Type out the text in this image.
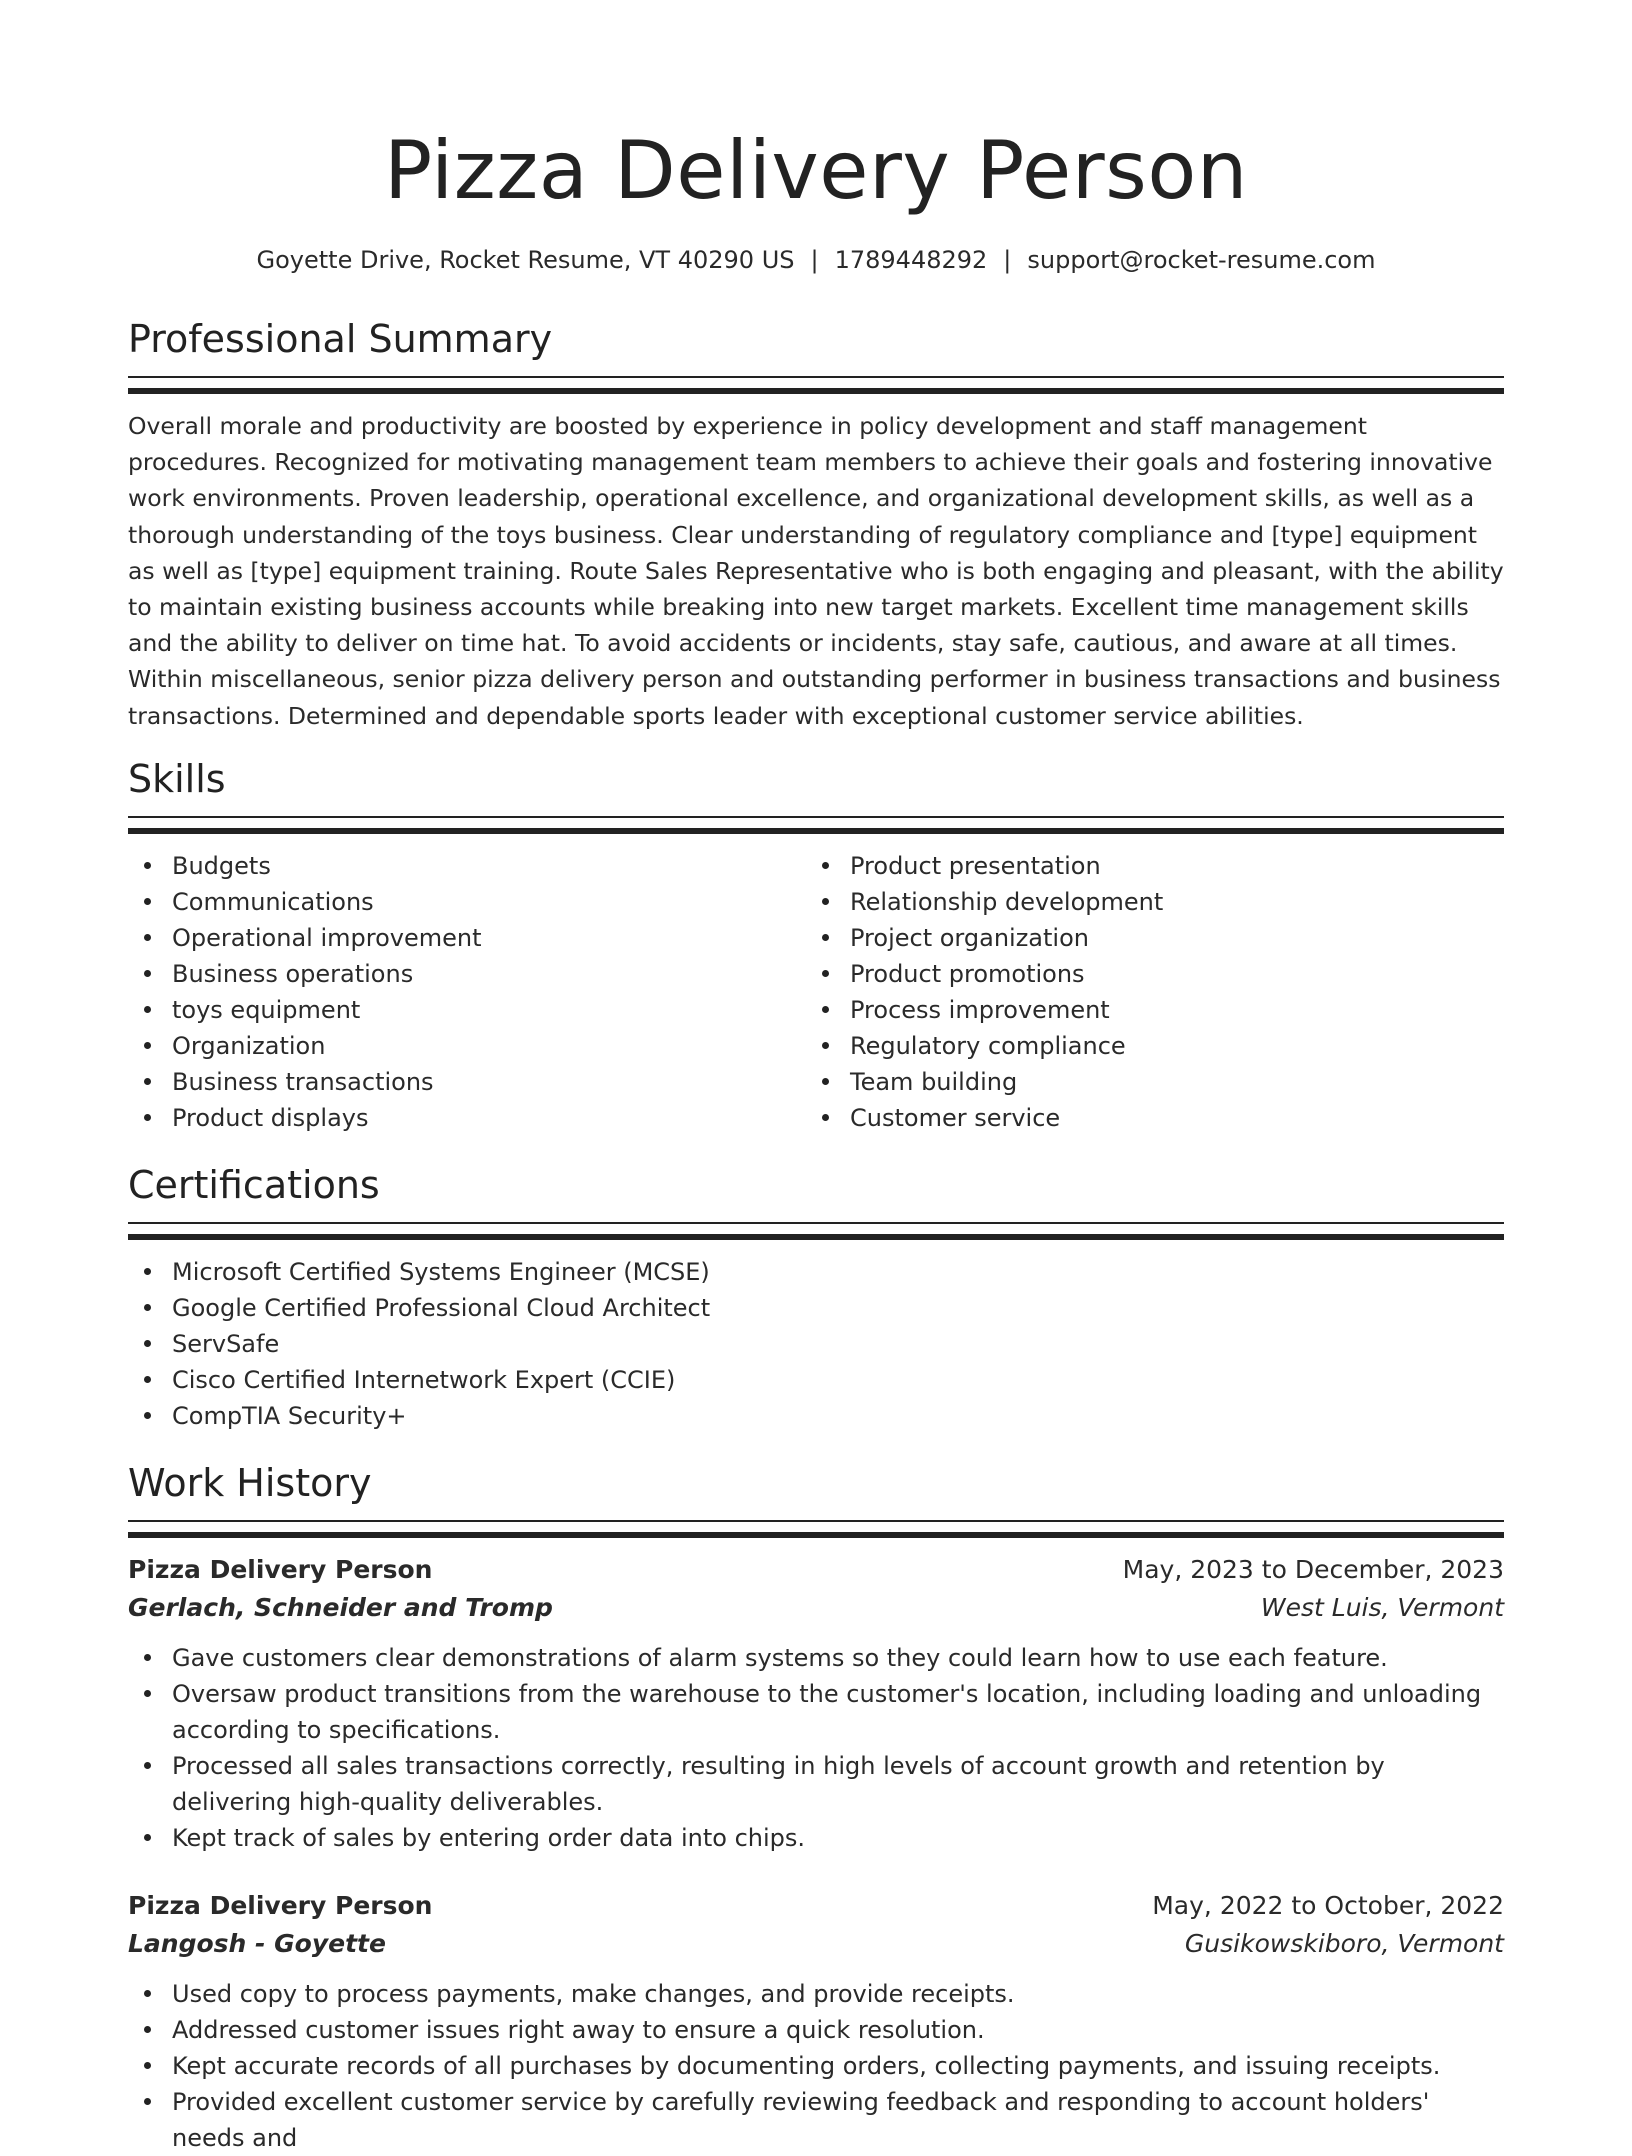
Pizza Delivery Person
Goyette Drive, Rocket Resume, VT 40290 US | 1789448292 | support@rocket-resume.com
Professional Summary

Overall morale and productivity are boosted by experience in policy development and staff management procedures. Recognized for motivating management team members to achieve their goals and fostering innovative work environments. Proven leadership, operational excellence, and organizational development skills, as well as a thorough understanding of the toys business. Clear understanding of regulatory compliance and [type] equipment as well as [type] equipment training. Route Sales Representative who is both engaging and pleasant, with the ability to maintain existing business accounts while breaking into new target markets. Excellent time management skills and the ability to deliver on time hat. To avoid accidents or incidents, stay safe, cautious, and aware at all times. Within miscellaneous, senior pizza delivery person and outstanding performer in business transactions and business transactions. Determined and dependable sports leader with exceptional customer service abilities.

Skills
Budgets
Communications
Operational improvement
Business operations
toys equipment
Organization
Business transactions
Product displays
Product presentation
Relationship development
Project organization
Product promotions
Process improvement
Regulatory compliance
Team building
Customer service
Certifications
Microsoft Certified Systems Engineer (MCSE)
Google Certified Professional Cloud Architect
ServSafe
Cisco Certified Internetwork Expert (CCIE)
CompTIA Security+
Work History
Pizza Delivery Person	May, 2023 to December, 2023
Gerlach, Schneider and Tromp	West Luis, Vermont
Gave customers clear demonstrations of alarm systems so they could learn how to use each feature.
Oversaw product transitions from the warehouse to the customer's location, including loading and unloading according to specifications.
Processed all sales transactions correctly, resulting in high levels of account growth and retention by delivering high-quality deliverables.
Kept track of sales by entering order data into chips.
Pizza Delivery Person	May, 2022 to October, 2022
Langosh - Goyette	Gusikowskiboro, Vermont
Used copy to process payments, make changes, and provide receipts.
Addressed customer issues right away to ensure a quick resolution.
Kept accurate records of all purchases by documenting orders, collecting payments, and issuing receipts.
Provided excellent customer service by carefully reviewing feedback and responding to account holders' needs and
